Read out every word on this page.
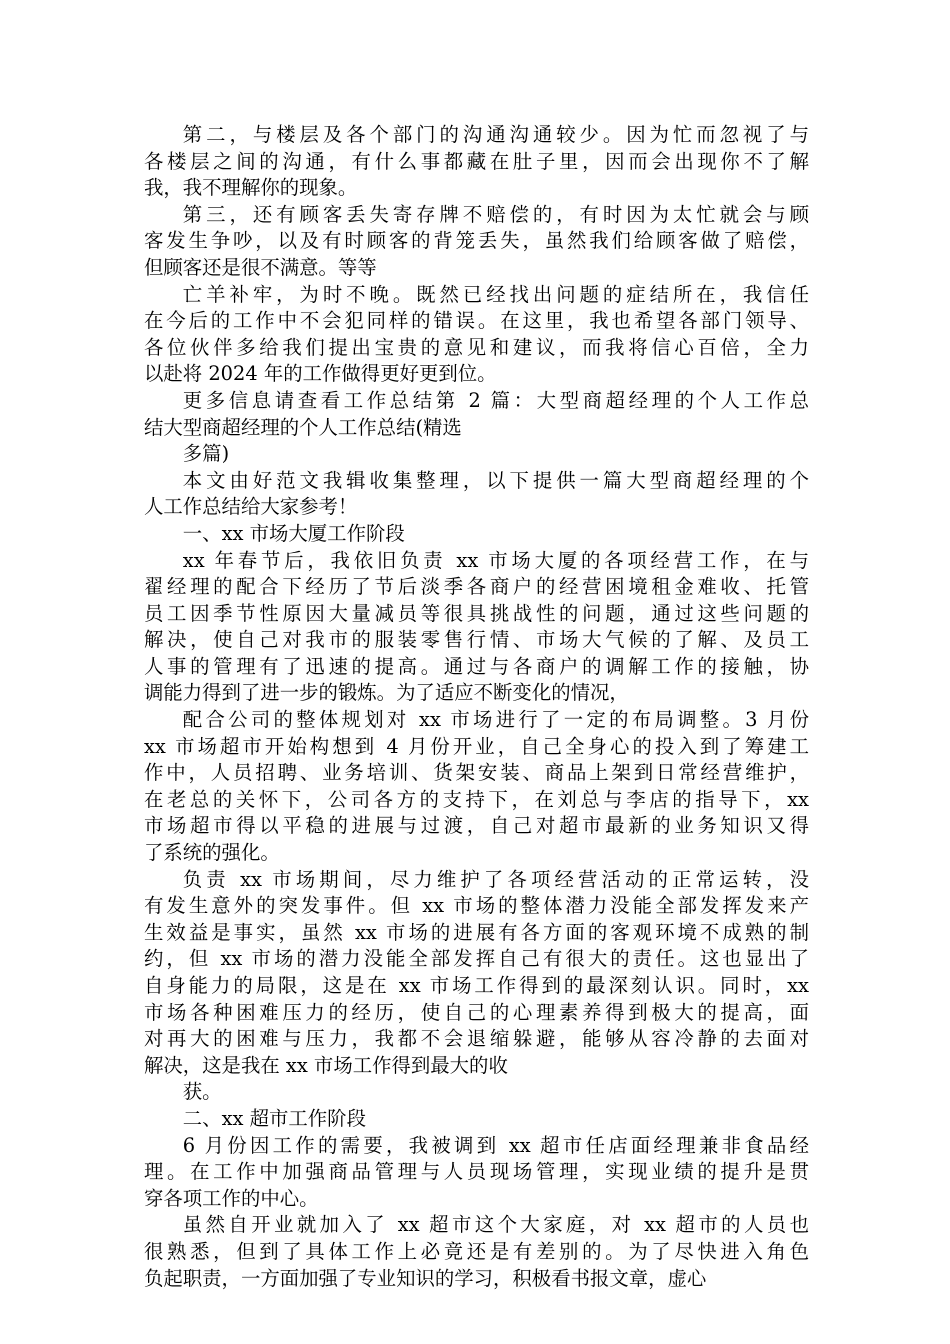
第二，与楼层及各个部门的沟通沟通较少。因为忙而忽视了与
各楼层之间的沟通，有什么事都藏在肚子里，因而会出现你不了解
我，我不理解你的现象。
第三，还有顾客丢失寄存牌不赔偿的，有时因为太忙就会与顾
客发生争吵，以及有时顾客的背笼丢失，虽然我们给顾客做了赔偿，
但顾客还是很不满意。等等
亡羊补牢，为时不晚。既然已经找出问题的症结所在，我信任
在今后的工作中不会犯同样的错误。在这里，我也希望各部门领导、
各位伙伴多给我们提出宝贵的意见和建议，而我将信心百倍，全力
以赴将 2024 年的工作做得更好更到位。
更多信息请查看工作总结第 2 篇：大型商超经理的个人工作总
结大型商超经理的个人工作总结(精选
多篇)
本文由好范文我辑收集整理，以下提供一篇大型商超经理的个
人工作总结给大家参考！
一、xx 市场大厦工作阶段
xx 年春节后，我依旧负责 xx 市场大厦的各项经营工作，在与
翟经理的配合下经历了节后淡季各商户的经营困境租金难收、托管
员工因季节性原因大量减员等很具挑战性的问题，通过这些问题的
解决，使自己对我市的服装零售行情、市场大气候的了解、及员工
人事的管理有了迅速的提高。通过与各商户的调解工作的接触，协
调能力得到了进一步的锻炼。为了适应不断变化的情况，
配合公司的整体规划对 xx 市场进行了一定的布局调整。3 月份
xx 市场超市开始构想到 4 月份开业，自己全身心的投入到了筹建工
作中，人员招聘、业务培训、货架安装、商品上架到日常经营维护，
在老总的关怀下，公司各方的支持下，在刘总与李店的指导下，xx
市场超市得以平稳的进展与过渡，自己对超市最新的业务知识又得
了系统的强化。
负责 xx 市场期间，尽力维护了各项经营活动的正常运转，没
有发生意外的突发事件。但 xx 市场的整体潜力没能全部发挥发来产
生效益是事实，虽然 xx 市场的进展有各方面的客观环境不成熟的制
约，但 xx 市场的潜力没能全部发挥自己有很大的责任。这也显出了
自身能力的局限，这是在 xx 市场工作得到的最深刻认识。同时，xx
市场各种困难压力的经历，使自己的心理素养得到极大的提高，面
对再大的困难与压力，我都不会退缩躲避，能够从容冷静的去面对
解决，这是我在 xx 市场工作得到最大的收
获。
二、xx 超市工作阶段
6 月份因工作的需要，我被调到 xx 超市任店面经理兼非食品经
理。在工作中加强商品管理与人员现场管理，实现业绩的提升是贯
穿各项工作的中心。
虽然自开业就加入了 xx 超市这个大家庭，对 xx 超市的人员也
很熟悉，但到了具体工作上必竟还是有差别的。为了尽快进入角色
负起职责，一方面加强了专业知识的学习，积极看书报文章，虚心
